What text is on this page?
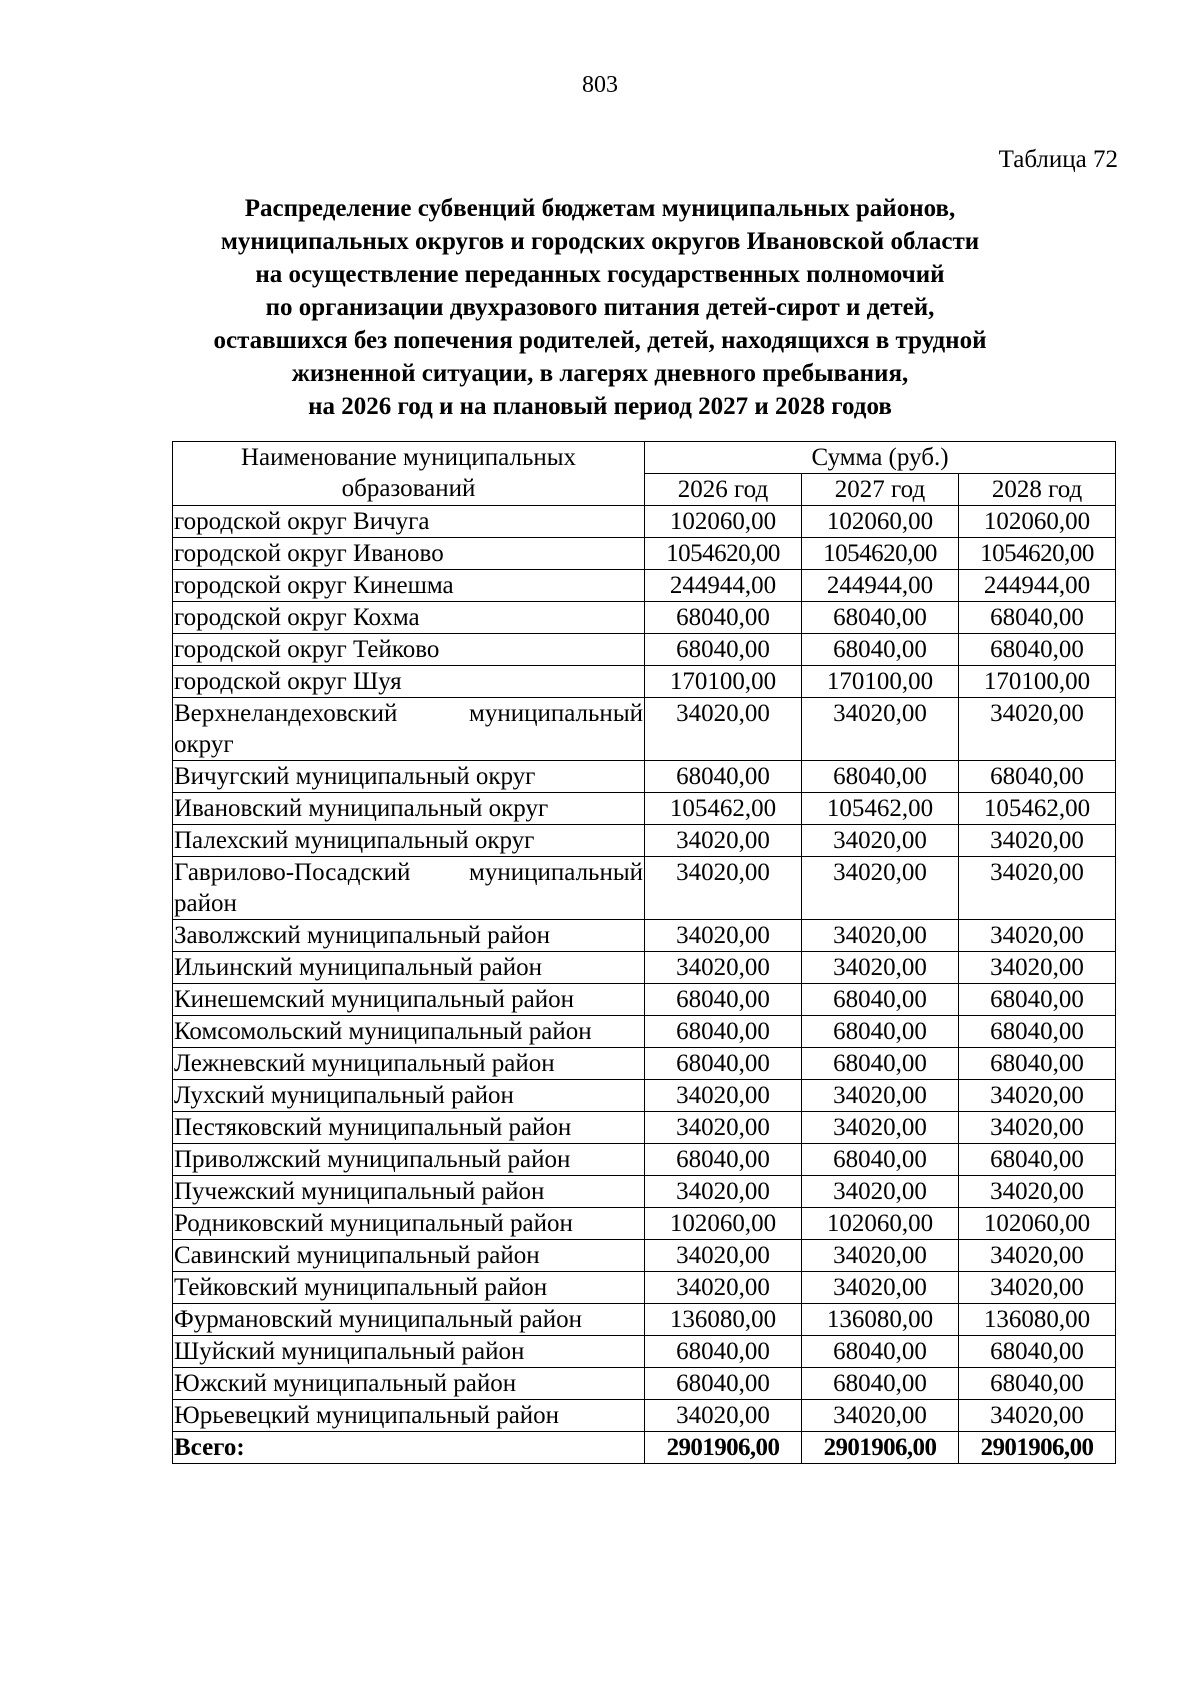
803
Таблица 72
Распределение субвенций бюджетам муниципальных районов,
муниципальных округов и городских округов Ивановской области
на осуществление переданных государственных полномочий
по организации двухразового питания детей-сирот и детей,
оставшихся без попечения родителей, детей, находящихся в трудной
жизненной ситуации, в лагерях дневного пребывания,
на 2026 год и на плановый период 2027 и 2028 годов
Наименование муниципальных образований	Сумма (руб.)		
	2026 год	2027 год	2028 год
городской округ Вичуга	102060,00	102060,00	102060,00
городской округ Иваново	1054620,00	1054620,00	1054620,00
городской округ Кинешма	244944,00	244944,00	244944,00
городской округ Кохма	68040,00	68040,00	68040,00
городской округ Тейково	68040,00	68040,00	68040,00
городской округ Шуя	170100,00	170100,00	170100,00
Верхнеландеховский муниципальный округ	34020,00	34020,00	34020,00
Вичугский муниципальный округ	68040,00	68040,00	68040,00
Ивановский муниципальный округ	105462,00	105462,00	105462,00
Палехский муниципальный округ	34020,00	34020,00	34020,00
Гаврилово-Посадский муниципальный район	34020,00	34020,00	34020,00
Заволжский муниципальный район	34020,00	34020,00	34020,00
Ильинский муниципальный район	34020,00	34020,00	34020,00
Кинешемский муниципальный район	68040,00	68040,00	68040,00
Комсомольский муниципальный район	68040,00	68040,00	68040,00
Лежневский муниципальный район	68040,00	68040,00	68040,00
Лухский муниципальный район	34020,00	34020,00	34020,00
Пестяковский муниципальный район	34020,00	34020,00	34020,00
Приволжский муниципальный район	68040,00	68040,00	68040,00
Пучежский муниципальный район	34020,00	34020,00	34020,00
Родниковский муниципальный район	102060,00	102060,00	102060,00
Савинский муниципальный район	34020,00	34020,00	34020,00
Тейковский муниципальный район	34020,00	34020,00	34020,00
Фурмановский муниципальный район	136080,00	136080,00	136080,00
Шуйский муниципальный район	68040,00	68040,00	68040,00
Южский муниципальный район	68040,00	68040,00	68040,00
Юрьевецкий муниципальный район	34020,00	34020,00	34020,00
Всего:	2901906,00	2901906,00	2901906,00
